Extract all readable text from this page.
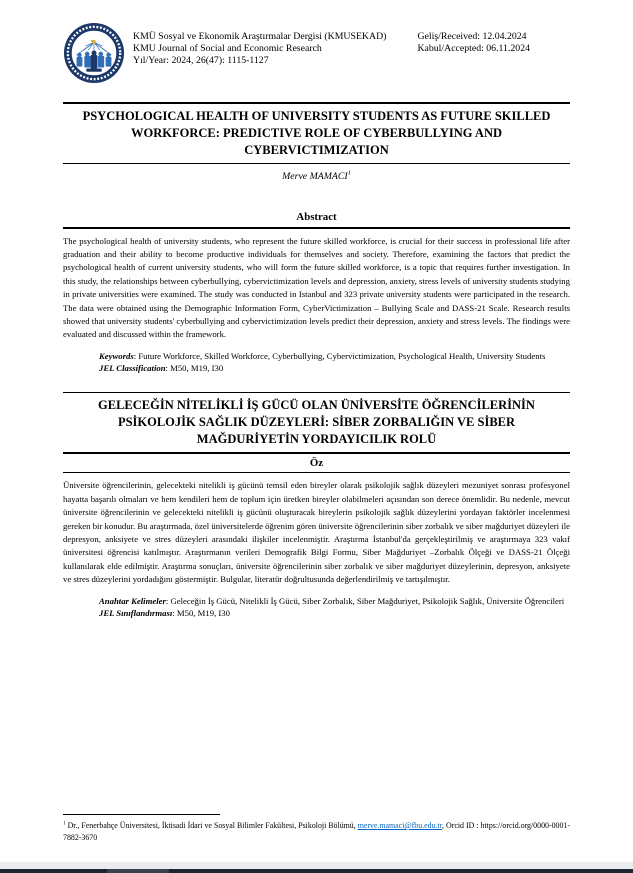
KMÜ Sosyal ve Ekonomik Araştırmalar Dergisi (KMUSEKAD)
KMU Journal of Social and Economic Research
Yıl/Year: 2024, 26(47): 1115-1127
Geliş/Received: 12.04.2024
Kabul/Accepted: 06.11.2024
PSYCHOLOGICAL HEALTH OF UNIVERSITY STUDENTS AS FUTURE SKILLED WORKFORCE: PREDICTIVE ROLE OF CYBERBULLYING AND CYBERVICTIMIZATION

Merve MAMACI$^1$

Abstract

The psychological health of university students, who represent the future skilled workforce, is crucial for their success in professional life after graduation and their ability to become productive individuals for themselves and society. Therefore, examining the factors that predict the psychological health of current university students, who will form the future skilled workforce, is a topic that requires further investigation. In this study, the relationships between cyberbullying, cybervictimization levels and depression, anxiety, stress levels of university students studying in private universities were examined. The study was conducted in Istanbul and 323 private university students were participated in the research. The data were obtained using the Demographic Information Form, CyberVictimization – Bullying Scale and DASS-21 Scale. Research results showed that university students' cyberbullying and cybervictimization levels predict their depression, anxiety and stress levels. The findings were evaluated and discussed within the framework.

Keywords: Future Workforce, Skilled Workforce, Cyberbullying, Cybervictimization, Psychological Health, University Students

JEL Classification: M50, M19, I30

GELECEĞİN NİTELİKLİ İŞ GÜCÜ OLAN ÜNİVERSİTE ÖĞRENCİLERİNİN PSİKOLOJİK SAĞLIK DÜZEYLERİ: SİBER ZORBALIĞIN VE SİBER MAĞDURİYETİN YORDAYICILIK ROLÜ
Öz

Üniversite öğrencilerinin, gelecekteki nitelikli iş gücünü temsil eden bireyler olarak psikolojik sağlık düzeyleri mezuniyet sonrası profesyonel hayatta başarılı olmaları ve hem kendileri hem de toplum için üretken bireyler olabilmeleri açısından son derece önemlidir. Bu nedenle, mevcut üniversite öğrencilerinin ve gelecekteki nitelikli iş gücünü oluşturacak bireylerin psikolojik sağlık düzeylerini yordayan faktörler incelenmesi gereken bir konudur. Bu araştırmada, özel üniversitelerde öğrenim gören üniversite öğrencilerinin siber zorbalık ve siber mağduriyet düzeyleri ile depresyon, anksiyete ve stres düzeyleri arasındaki ilişkiler incelenmiştir. Araştırma İstanbul'da gerçekleştirilmiş ve araştırmaya 323 vakıf üniversitesi öğrencisi katılmıştır. Araştırmanın verileri Demografik Bilgi Formu, Siber Mağduriyet –Zorbalık Ölçeği ve DASS-21 Ölçeği kullanılarak elde edilmiştir. Araştırma sonuçları, üniversite öğrencilerinin siber zorbalık ve siber mağduriyet düzeylerinin, depresyon, anksiyete ve stres düzeylerini yordadığını göstermiştir. Bulgular, literatür doğrultusunda değerlendirilmiş ve tartışılmıştır.

Anahtar Kelimeler: Geleceğin İş Gücü, Nitelikli İş Gücü, Siber Zorbalık, Siber Mağduriyet, Psikolojik Sağlık, Üniversite Öğrencileri

JEL Sınıflandırması: M50, M19, I30

$^1$ Dr., Fenerbahçe Üniversitesi, İktisadi İdari ve Sosyal Bilimler Fakültesi, Psikoloji Bölümü, merve.mamaci@fbu.edu.tr, Orcid ID : https://orcid.org/0000-0001-7882-3670
